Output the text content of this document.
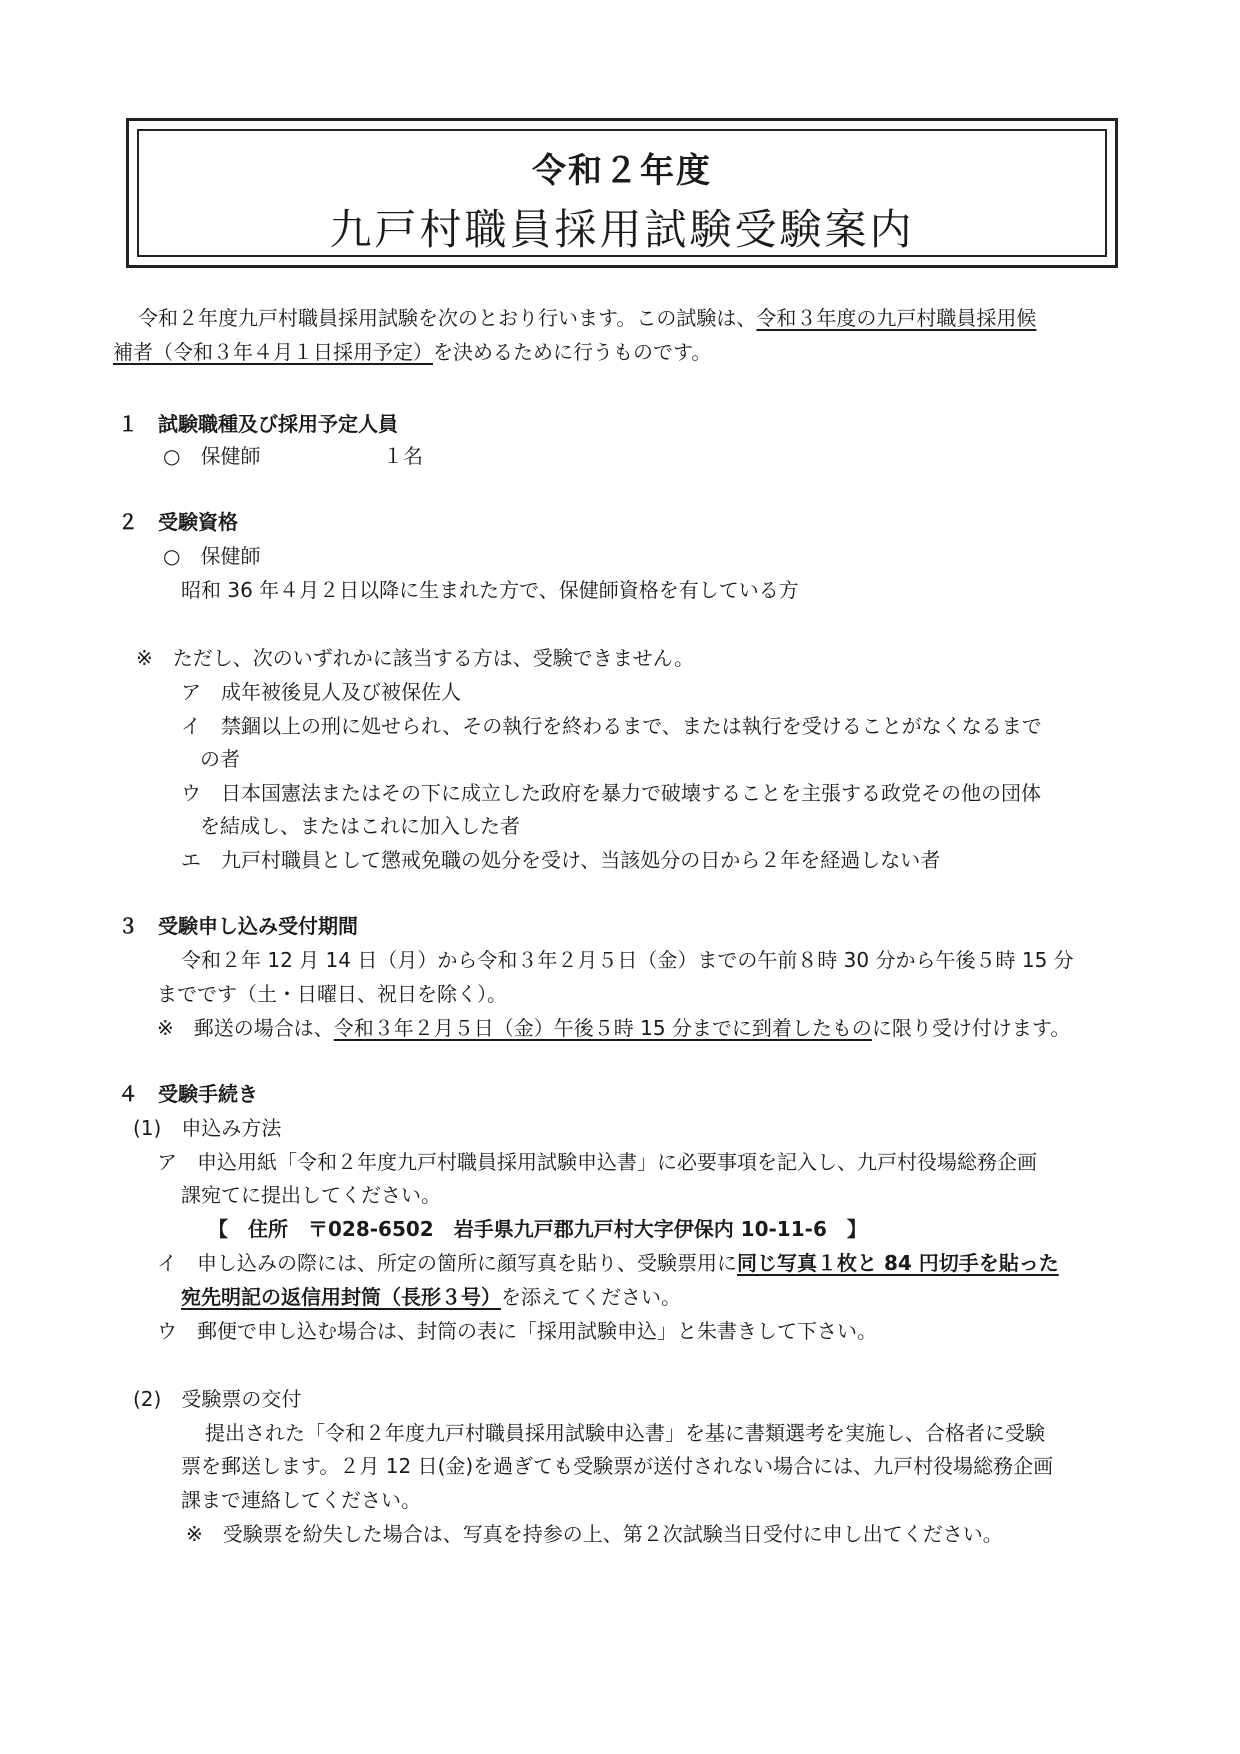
令和２年度
九戸村職員採用試験受験案内
令和２年度九戸村職員採用試験を次のとおり行います。この試験は、令和３年度の九戸村職員採用候
補者（令和３年４月１日採用予定）を決めるために行うものです。
１　試験職種及び採用予定人員
○　保健師	１名
２　受験資格
○　保健師
昭和 36 年４月２日以降に生まれた方で、保健師資格を有している方
※　ただし、次のいずれかに該当する方は、受験できません。
ア　成年被後見人及び被保佐人
イ　禁錮以上の刑に処せられ、その執行を終わるまで、または執行を受けることがなくなるまで
の者
ウ　日本国憲法またはその下に成立した政府を暴力で破壊することを主張する政党その他の団体
を結成し、またはこれに加入した者
エ　九戸村職員として懲戒免職の処分を受け、当該処分の日から２年を経過しない者
３　受験申し込み受付期間
令和２年 12 月 14 日（月）から令和３年２月５日（金）までの午前８時 30 分から午後５時 15 分
までです（土・日曜日、祝日を除く）。
※　郵送の場合は、令和３年２月５日（金）午後５時 15 分までに到着したものに限り受け付けます。
４　受験手続き
(1)　申込み方法
ア　申込用紙「令和２年度九戸村職員採用試験申込書」に必要事項を記入し、九戸村役場総務企画
課宛てに提出してください。
【　住所　〒028-6502　岩手県九戸郡九戸村大字伊保内 10-11-6　】
イ　申し込みの際には、所定の箇所に顔写真を貼り、受験票用に同じ写真１枚と 84 円切手を貼った
宛先明記の返信用封筒（長形３号）を添えてください。
ウ　郵便で申し込む場合は、封筒の表に「採用試験申込」と朱書きして下さい。
(2)　受験票の交付
提出された「令和２年度九戸村職員採用試験申込書」を基に書類選考を実施し、合格者に受験
票を郵送します。２月 12 日(金)を過ぎても受験票が送付されない場合には、九戸村役場総務企画
課まで連絡してください。
※　受験票を紛失した場合は、写真を持参の上、第２次試験当日受付に申し出てください。
